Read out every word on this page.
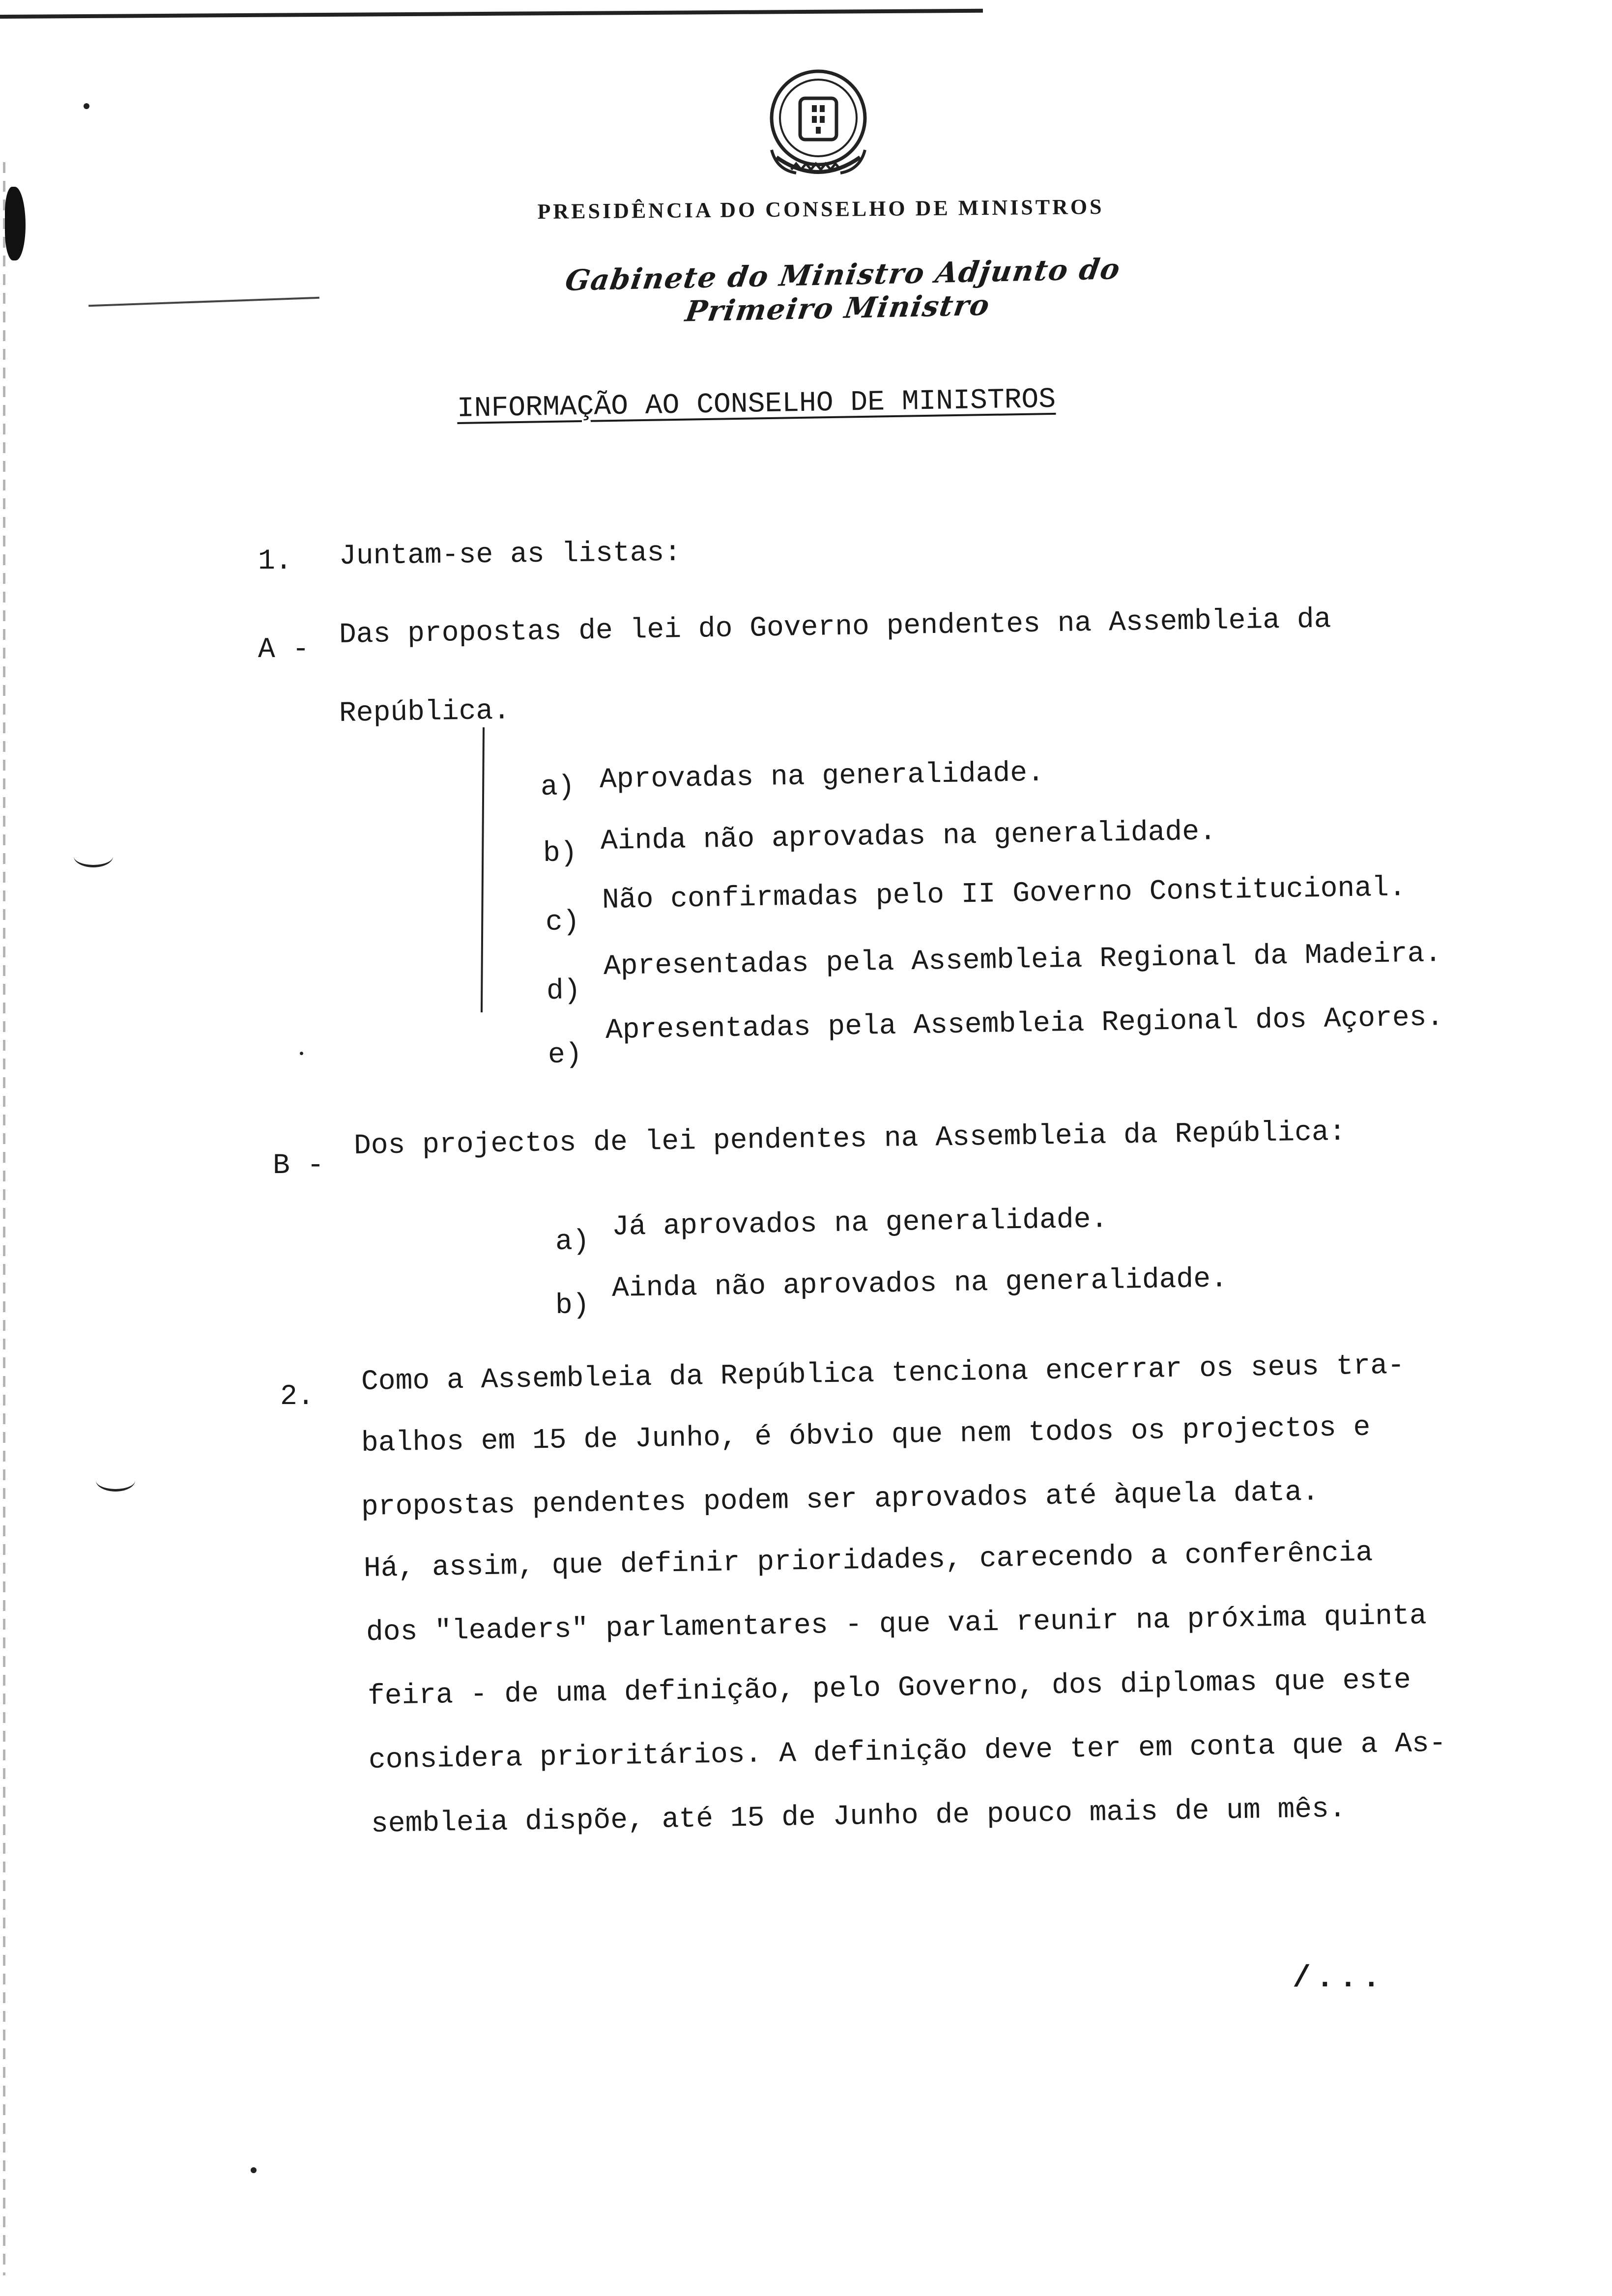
PRESIDÊNCIA DO CONSELHO DE MINISTROS
Gabinete do Ministro Adjunto do Primeiro Ministro
INFORMAÇÃO AO CONSELHO DE MINISTROS
1. Juntam-se as listas:
A - Das propostas de lei do Governo pendentes na Assembleia da
República.
a) Aprovadas na generalidade.
b) Ainda não aprovadas na generalidade.
c)
Não confirmadas pelo II Governo Constitucional.
d)
Apresentadas pela Assembleia Regional da Madeira.
e)
Apresentadas pela Assembleia Regional dos Açores.
B -
Dos projectos de lei pendentes na Assembleia da República:
a) Já aprovados na generalidade.
b)
Ainda não aprovados na generalidade.
2. Como a Assembleia da República tenciona encerrar os seus tra-
balhos em 15 de Junho, é óbvio que nem todos os projectos e
propostas pendentes podem ser aprovados até àquela data.
Há, assim, que definir prioridades, carecendo a conferência
dos "leaders" parlamentares - que vai reunir na próxima quinta
feira - de uma definição, pelo Governo, dos diplomas que este
considera prioritários. A definição deve ter em conta que a As-
sembleia dispõe, até 15 de Junho de pouco mais de um mês.
/...
